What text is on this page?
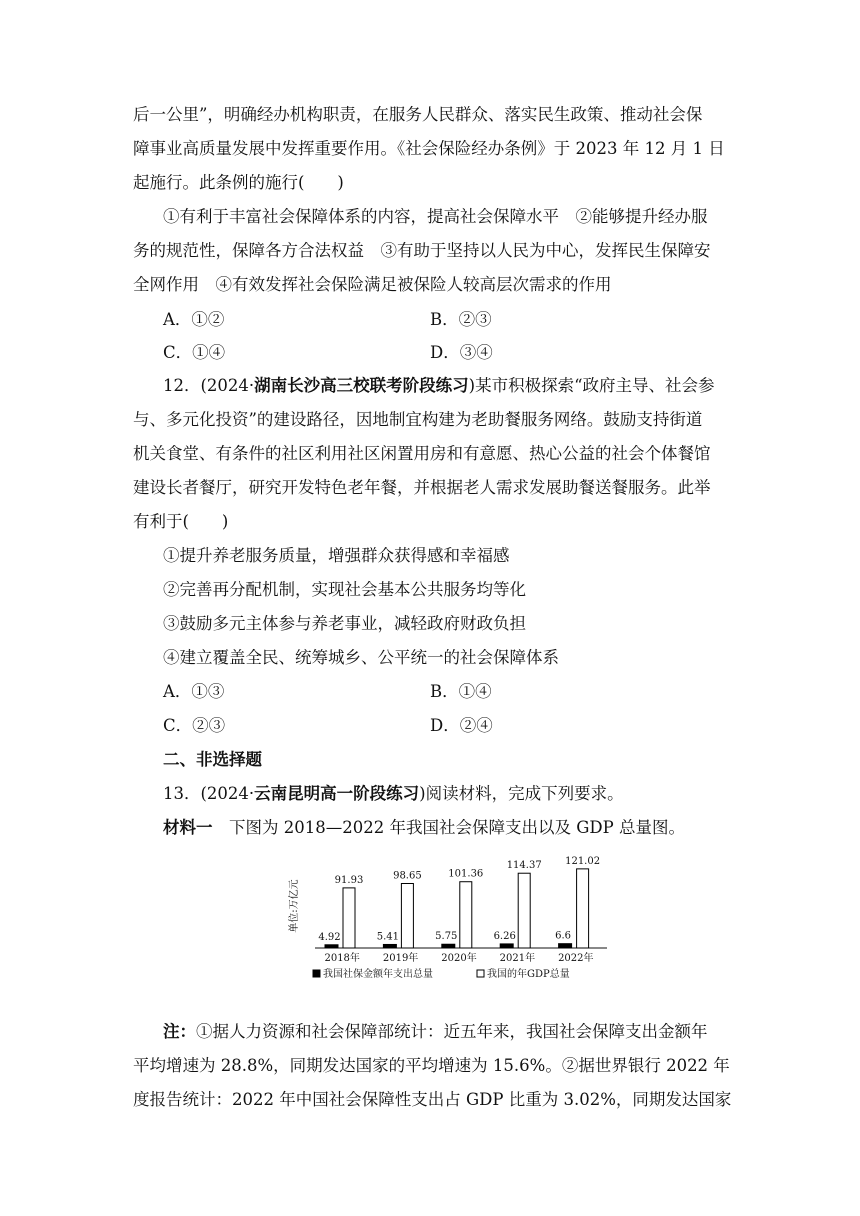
后一公里”，明确经办机构职责，在服务人民群众、落实民生政策、推动社会保
障事业高质量发展中发挥重要作用。《社会保险经办条例》于 2023 年 12 月 1 日
起施行。此条例的施行(　　)
①有利于丰富社会保障体系的内容，提高社会保障水平　②能够提升经办服
务的规范性，保障各方合法权益　③有助于坚持以人民为中心，发挥民生保障安
全网作用　④有效发挥社会保险满足被保险人较高层次需求的作用
A．①②	B．②③
C．①④	D．③④
12．(2024·湖南长沙高三校联考阶段练习)某市积极探索“政府主导、社会参
与、多元化投资”的建设路径，因地制宜构建为老助餐服务网络。鼓励支持街道
机关食堂、有条件的社区利用社区闲置用房和有意愿、热心公益的社会个体餐馆
建设长者餐厅，研究开发特色老年餐，并根据老人需求发展助餐送餐服务。此举
有利于(　　)
①提升养老服务质量，增强群众获得感和幸福感
②完善再分配机制，实现社会基本公共服务均等化
③鼓励多元主体参与养老事业，减轻政府财政负担
④建立覆盖全民、统筹城乡、公平统一的社会保障体系
A．①③	B．①④
C．②③	D．②④
二、非选择题
13．(2024·云南昆明高一阶段练习)阅读材料，完成下列要求。
材料一　下图为 2018—2022 年我国社会保障支出以及 GDP 总量图。
单位:万亿元
4.92
91.93
2018年
5.41
98.65
2019年
5.75
101.36
2020年
6.26
114.37
2021年
6.6
121.02
2022年
我国社保金额年支出总量	我国的年GDP总量
注：①据人力资源和社会保障部统计：近五年来，我国社会保障支出金额年
平均增速为 28.8%，同期发达国家的平均增速为 15.6%。②据世界银行 2022 年
度报告统计：2022 年中国社会保障性支出占 GDP 比重为 3.02%，同期发达国家
